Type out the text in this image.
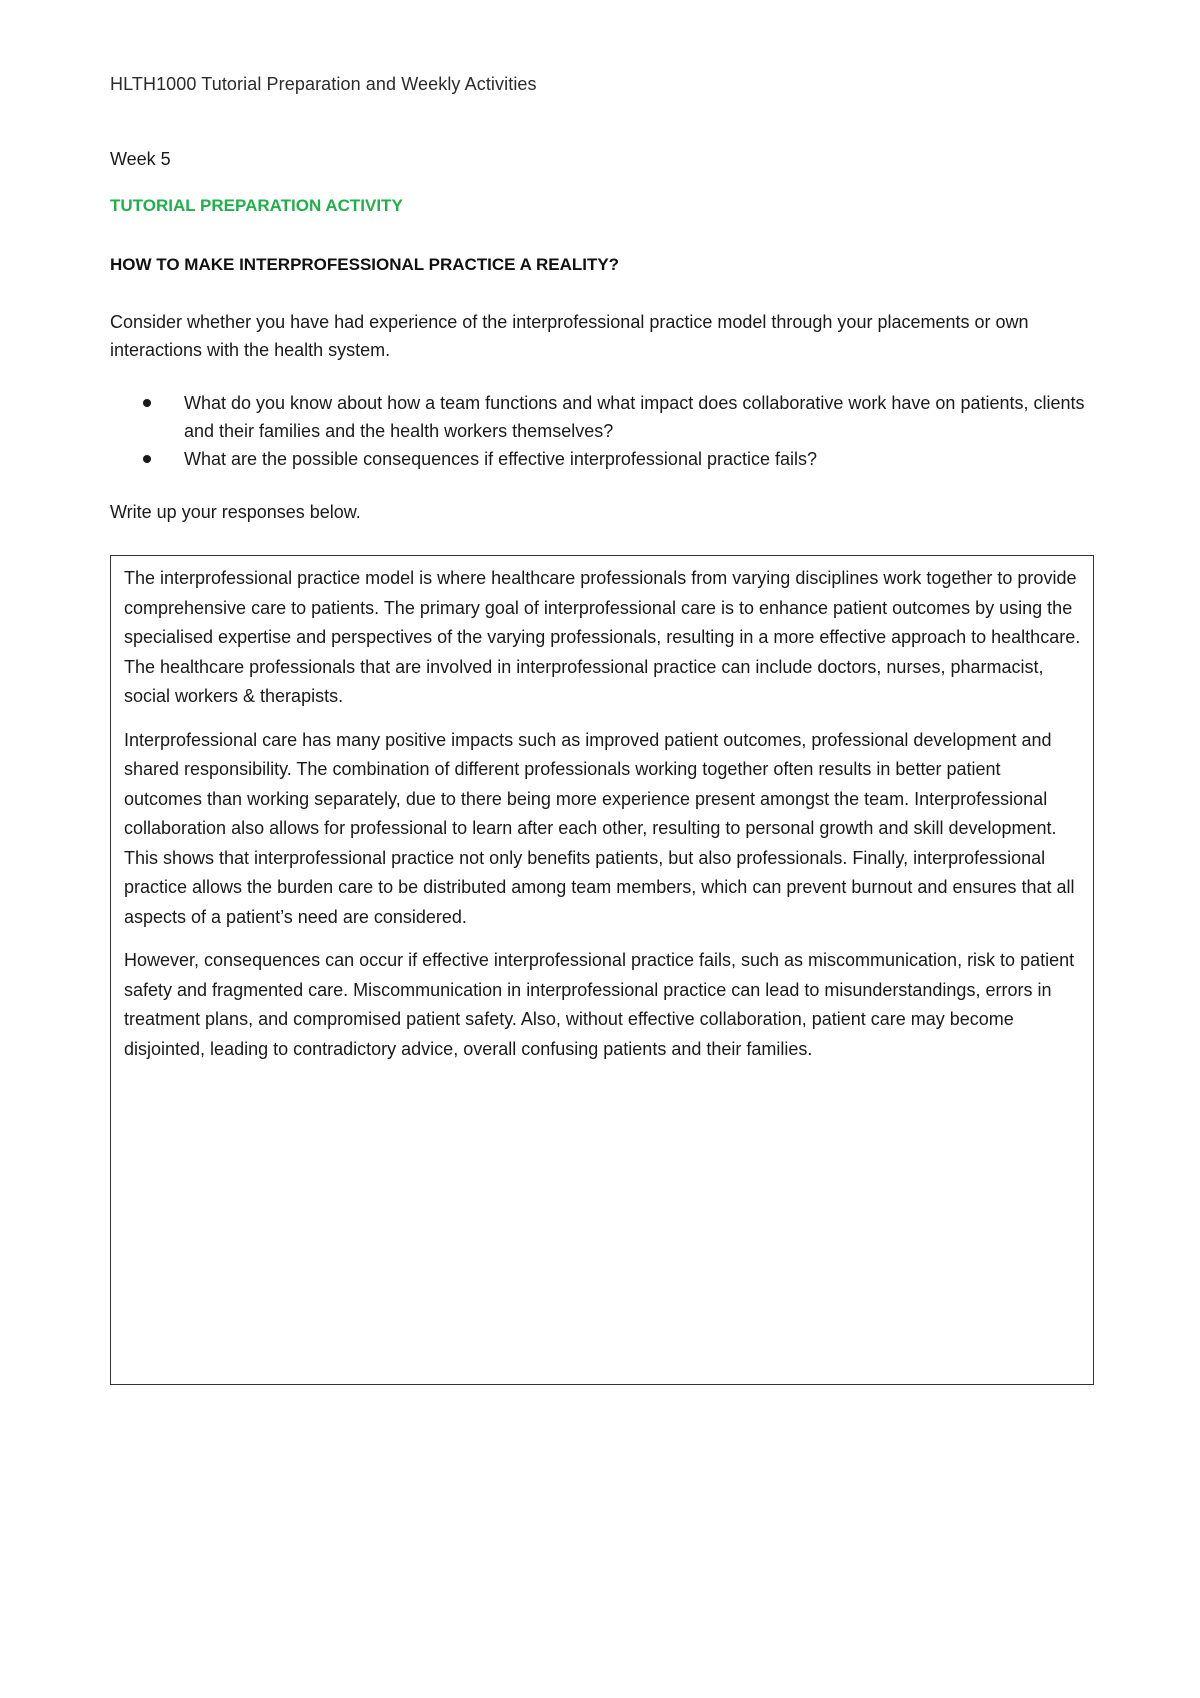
HLTH1000 Tutorial Preparation and Weekly Activities
Week 5
TUTORIAL PREPARATION ACTIVITY
HOW TO MAKE INTERPROFESSIONAL PRACTICE A REALITY?
Consider whether you have had experience of the interprofessional practice model through your placements or own interactions with the health system.
What do you know about how a team functions and what impact does collaborative work have on patients, clients and their families and the health workers themselves?
What are the possible consequences if effective interprofessional practice fails?
Write up your responses below.

The interprofessional practice model is where healthcare professionals from varying disciplines work together to provide comprehensive care to patients. The primary goal of interprofessional care is to enhance patient outcomes by using the specialised expertise and perspectives of the varying professionals, resulting in a more effective approach to healthcare. The healthcare professionals that are involved in interprofessional practice can include doctors, nurses, pharmacist, social workers & therapists.

Interprofessional care has many positive impacts such as improved patient outcomes, professional development and shared responsibility. The combination of different professionals working together often results in better patient outcomes than working separately, due to there being more experience present amongst the team. Interprofessional collaboration also allows for professional to learn after each other, resulting to personal growth and skill development. This shows that interprofessional practice not only benefits patients, but also professionals. Finally, interprofessional practice allows the burden care to be distributed among team members, which can prevent burnout and ensures that all aspects of a patient’s need are considered.

However, consequences can occur if effective interprofessional practice fails, such as miscommunication, risk to patient safety and fragmented care. Miscommunication in interprofessional practice can lead to misunderstandings, errors in treatment plans, and compromised patient safety. Also, without effective collaboration, patient care may become disjointed, leading to contradictory advice, overall confusing patients and their families.
